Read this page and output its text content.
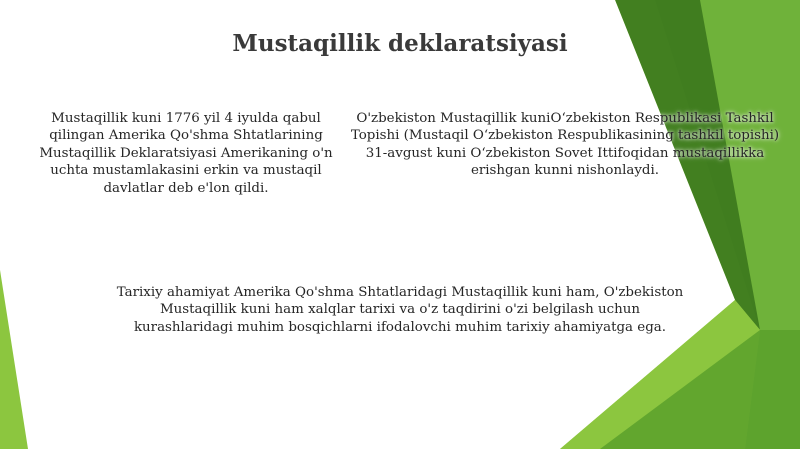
Mustaqillik deklaratsiyasi
Mustaqillik kuni 1776 yil 4 iyulda qabul qilingan Amerika Qo'shma Shtatlarining Mustaqillik Deklaratsiyasi Amerikaning o'n uchta mustamlakasini erkin va mustaqil davlatlar deb e'lon qildi.
O'zbekiston Mustaqillik kuniO‘zbekiston Respublikasi Tashkil Topishi (Mustaqil O‘zbekiston Respublikasining tashkil topishi) 31-avgust kuni O‘zbekiston Sovet Ittifoqidan mustaqillikka erishgan kunni nishonlaydi.
Tarixiy ahamiyat Amerika Qo'shma Shtatlaridagi Mustaqillik kuni ham, O'zbekiston Mustaqillik kuni ham xalqlar tarixi va o'z taqdirini o'zi belgilash uchun kurashlaridagi muhim bosqichlarni ifodalovchi muhim tarixiy ahamiyatga ega.
